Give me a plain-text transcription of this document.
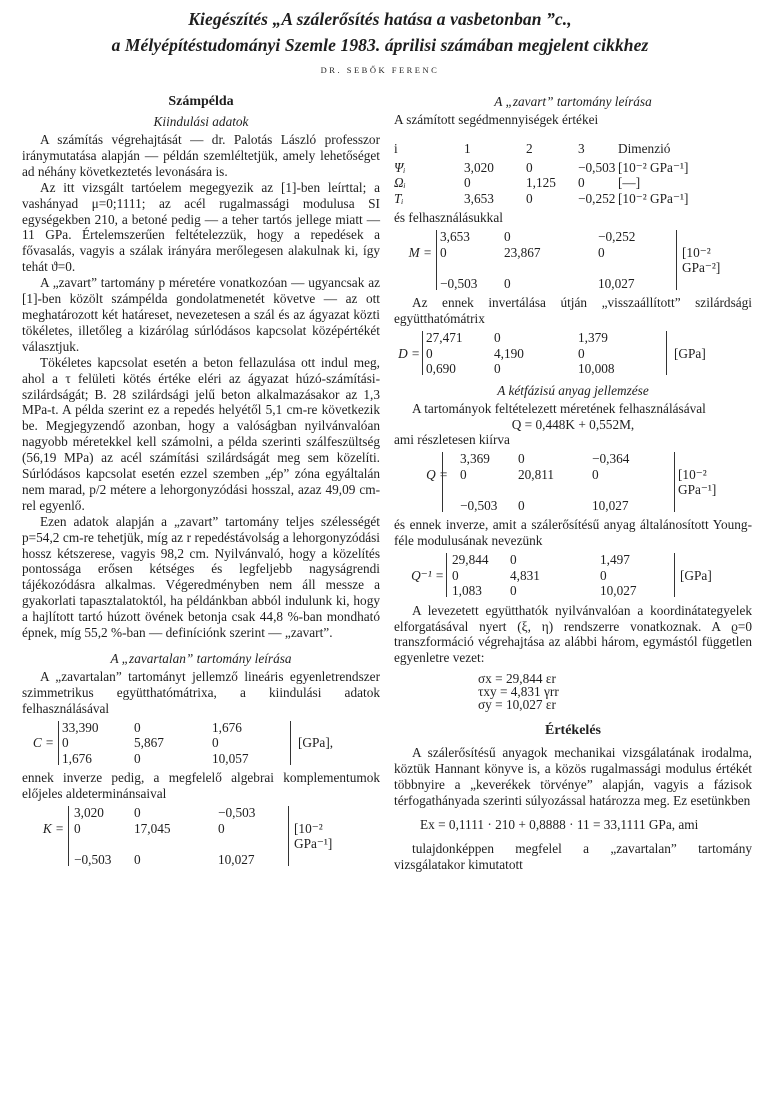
Kiegészítés „A szálerősítés hatása a vasbetonban ”c.,
a Mélyépítéstudományi Szemle 1983. áprilisi számában megjelent cikkhez
DR. SEBŐK FERENC
Számpélda
Kiindulási adatok

A számítás végrehajtását — dr. Palotás László professzor iránymutatása alapján — példán szemléltetjük, amely lehetőséget ad néhány következtetés levonására is.

Az itt vizsgált tartóelem megegyezik az [1]-ben leírttal; a vashányad μ=0;1111; az acél rugalmassági modulusa SI egységekben 210, a betoné pedig — a teher tartós jellege miatt — 11 GPa. Értelemszerűen feltételezzük, hogy a repedések a fővasalás, vagyis a szálak irányára merőlegesen alakulnak ki, így tehát ϑ=0.

A „zavart” tartomány p méretére vonatkozóan — ugyancsak az [1]-ben közölt számpélda gondolatmenetét követve — az ott meghatározott két határeset, nevezetesen a szál és az ágyazat közti tökéletes, illetőleg a kizárólag súrlódásos kapcsolat középértékét választjuk.

Tökéletes kapcsolat esetén a beton fellazulása ott indul meg, ahol a τ felületi kötés értéke eléri az ágyazat húzó-számítási-szilárdságát; B. 28 szilárdsági jelű beton alkalmazásakor az 1,3 MPa-t. A példa szerint ez a repedés helyétől 5,1 cm-re következik be. Megjegyzendő azonban, hogy a valóságban nyilvánvalóan nagyobb méretekkel kell számolni, a példa szerinti szálfeszültség (56,19 MPa) az acél számítási szilárdságát meg sem közelíti. Súrlódásos kapcsolat esetén ezzel szemben „ép” zóna egyáltalán nem marad, p/2 métere a lehorgonyzódási hosszal, azaz 49,09 cm-rel egyenlő.

Ezen adatok alapján a „zavart” tartomány teljes szélességét p=54,2 cm-re tehetjük, míg az r repedéstávolság a lehorgonyzódási hossz kétszerese, vagyis 98,2 cm. Nyilvánvaló, hogy a közelítés pontossága erősen kétséges és legfeljebb nagyságrendi tájékozódásra alkalmas. Végeredményben nem áll messze a gyakorlati tapasztalatoktól, ha példánkban abból indulunk ki, hogy a hajlított tartó húzott övének betonja csak 44,8 %-ban mondható épnek, míg 55,2 %-ban — definíciónk szerint — „zavart”.

A „zavartalan” tartomány leírása

A „zavartalan” tartományt jellemző lineáris egyenletrendszer szimmetrikus együtthatómátrixa, a kiindulási adatok felhasználásával

33,390	0	1,676
C = 0	5,867	0	[GPa],
1,676	0	10,057

ennek inverze pedig, a megfelelő algebrai komplementumok előjeles aldeterminánsaival

3,020	0	−0,503
K = 0	17,045	0	[10⁻²
GPa⁻¹]
−0,503	0	10,027
A „zavart” tartomány leírása

A számított segédmennyiségek értékei

i	1	2	3	Dimenzió
Ψᵢ	3,020	0	−0,503 [10⁻² GPa⁻¹]
Ωᵢ	0	1,125	0	[—]
Tᵢ	3,653	0	−0,252 [10⁻² GPa⁻¹]

és felhasználásukkal

3,653	0	−0,252
M = 0	23,867	0	[10⁻²
GPa⁻²]
−0,503	0	10,027

Az ennek invertálása útján „visszaállított” szilárdsági együtthatómátrix

27,471	0	1,379
D = 0	4,190	0	[GPa]
0,690	0	10,008
A kétfázisú anyag jellemzése

A tartományok feltételezett méretének felhasználásával

Q = 0,448K + 0,552M,

ami részletesen kiírva

3,369	0	−0,364
Q = 0	20,811	0	[10⁻²
GPa⁻¹]
−0,503	0	10,027

és ennek inverze, amit a szálerősítésű anyag általánosított Young-féle modulusának nevezünk

29,844	0	1,497
Q⁻¹ = 0	4,831	0	[GPa]
1,083	0	10,027

A levezetett együtthatók nyilvánvalóan a koordinátategyelek elforgatásával nyert (ξ, η) rendszerre vonatkoznak. A ϱ=0 transzformáció végrehajtása az alábbi három, egymástól független egyenletre vezet:

σx = 29,844 εr
τxy = 4,831 γrr
σy = 10,027 εr
Értékelés

A szálerősítésű anyagok mechanikai vizsgálatának irodalma, köztük Hannant könyve is, a közös rugalmassági modulus értékét többnyire a „keverékek törvénye” alapján, vagyis a fázisok térfogathányada szerinti súlyozással határozza meg. Ez esetünkben

Ex = 0,1111 · 210 + 0,8888 · 11 = 33,1111 GPa, ami

tulajdonképpen megfelel a „zavartalan” tartomány vizsgálatakor kimutatott
